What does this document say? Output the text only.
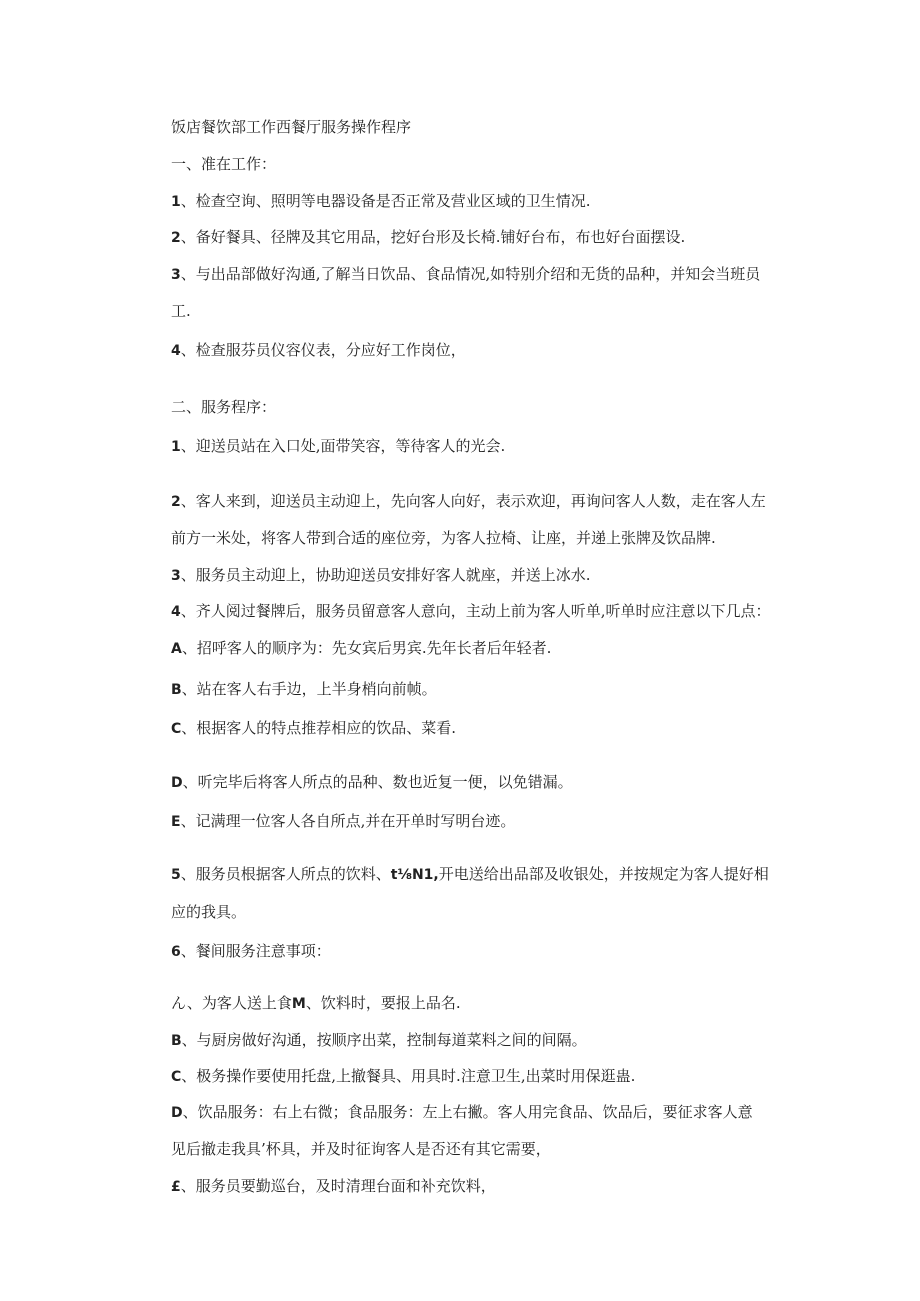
饭店餐饮部工作西餐厅服务操作程序
一、准在工作：
1、检查空询、照明等电器设备是否正常及营业区域的卫生情况.
2、备好餐具、径牌及其它用品，挖好台形及长椅.铺好台布，布也好台面摆设.
3、与出品部做好沟通,了解当日饮品、食品情况,如特别介绍和无货的品种，并知会当班员
工.
4、检查服芬员仪容仪表，分应好工作岗位，
二、服务程序：
1、迎送员站在入口处,面带笑容，等待客人的光会.
2、客人来到，迎送员主动迎上，先向客人向好，表示欢迎，再询问客人人数，走在客人左
前方一米处，将客人带到合适的座位旁，为客人拉椅、让座，并递上张牌及饮品牌.
3、服务员主动迎上，协助迎送员安排好客人就座，并送上冰水.
4、齐人阅过餐牌后，服务员留意客人意向，主动上前为客人听单,听单时应注意以下几点：
A、招呼客人的顺序为：先女宾后男宾.先年长者后年轻者.
B、站在客人右手边，上半身梢向前帧。
C、根据客人的特点推荐相应的饮品、菜看.
D、听完毕后将客人所点的品种、数也近复一便，以免错漏。
E、记满理一位客人各自所点,并在开单时写明台迹。
5、服务员根据客人所点的饮料、t⅛N1,开电送给出品部及收银处，并按规定为客人提好相
应的我具。
6、餐间服务注意事项：
ん、为客人送上食M、饮料时，要报上品名.
B、与厨房做好沟通，按顺序出菜，控制每道菜料之间的间隔。
C、极务操作要使用托盘,上撤餐具、用具时.注意卫生,出菜时用保逛蛊.
D、饮品服务：右上右微；食品服务：左上右撇。客人用完食品、饮品后，要征求客人意
见后撤走我具’杯具，并及时征询客人是否还有其它需要，
£、服务员要勤巡台，及时清理台面和补充饮料，
